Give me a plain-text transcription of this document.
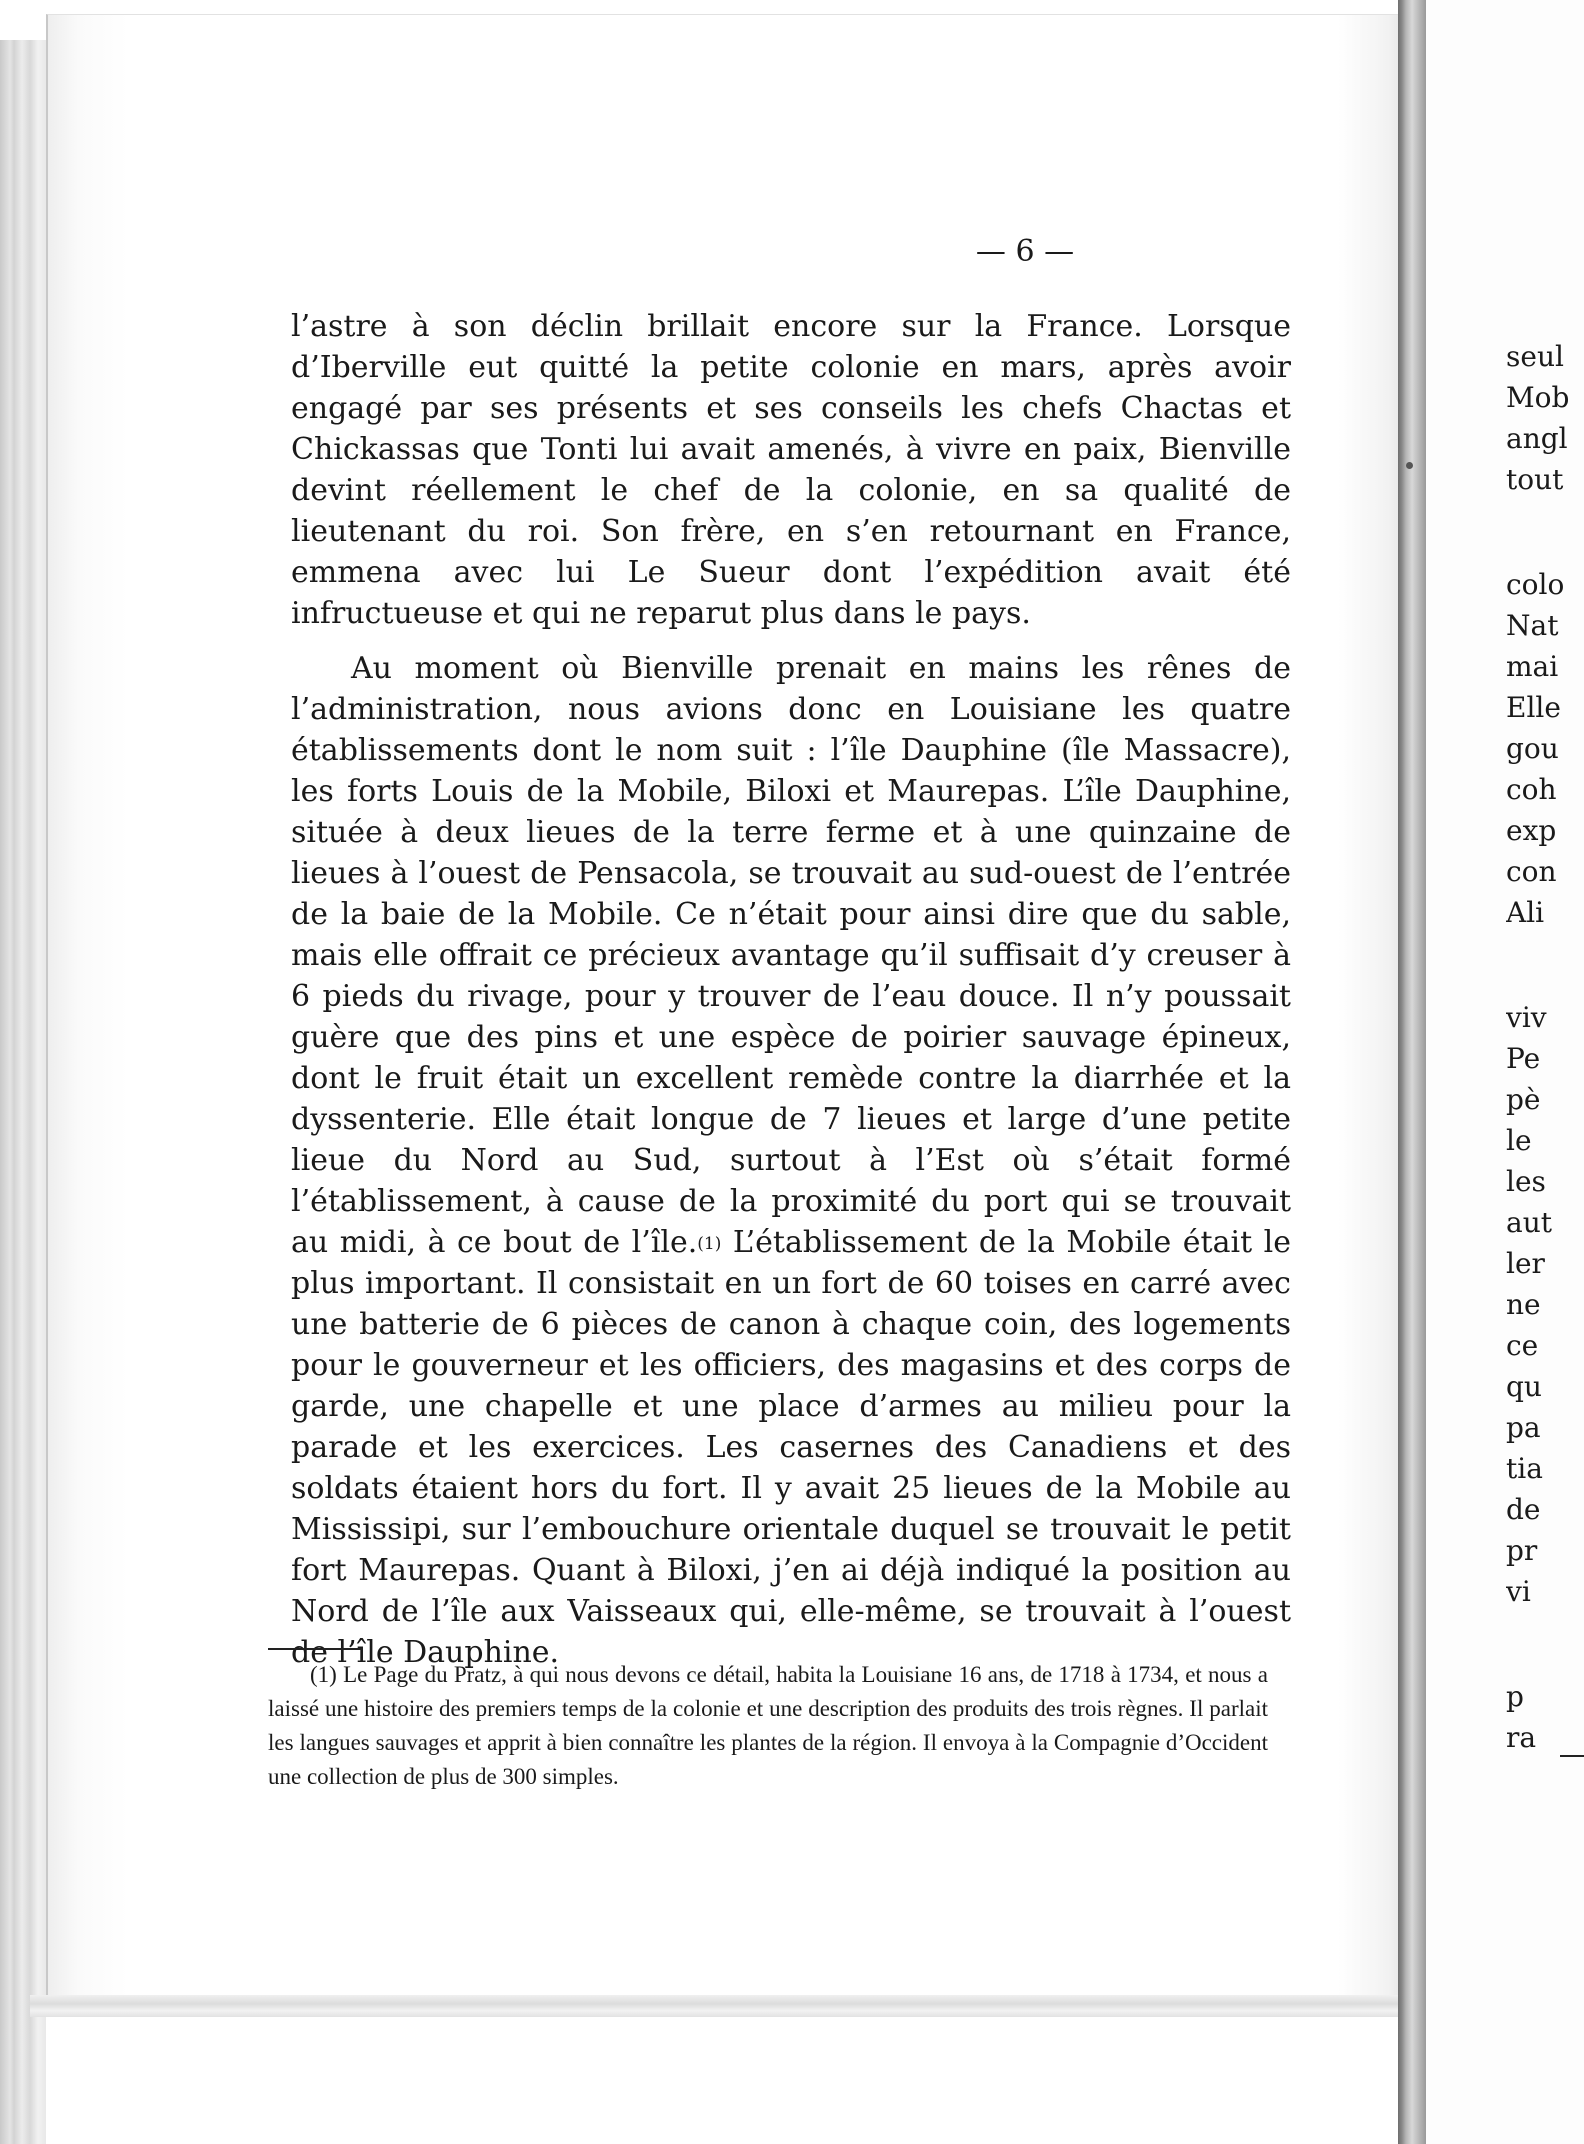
— 6 —

l’astre à son déclin brillait encore sur la France. Lorsque d’Iberville eut quitté la petite colonie en mars, après avoir engagé par ses présents et ses conseils les chefs Chactas et Chickassas que Tonti lui avait amenés, à vivre en paix, Bienville devint réellement le chef de la colonie, en sa qualité de lieutenant du roi. Son frère, en s’en retournant en France, emmena avec lui Le Sueur dont l’expédition avait été infructueuse et qui ne reparut plus dans le pays.

Au moment où Bienville prenait en mains les rênes de l’administration, nous avions donc en Louisiane les quatre établissements dont le nom suit : l’île Dauphine (île Massacre), les forts Louis de la Mobile, Biloxi et Maurepas. L’île Dauphine, située à deux lieues de la terre ferme et à une quinzaine de lieues à l’ouest de Pensacola, se trouvait au sud-ouest de l’entrée de la baie de la Mobile. Ce n’était pour ainsi dire que du sable, mais elle offrait ce précieux avantage qu’il suffisait d’y creuser à 6 pieds du rivage, pour y trouver de l’eau douce. Il n’y poussait guère que des pins et une espèce de poirier sauvage épineux, dont le fruit était un excellent remède contre la diarrhée et la dyssenterie. Elle était longue de 7 lieues et large d’une petite lieue du Nord au Sud, surtout à l’Est où s’était formé l’établissement, à cause de la proximité du port qui se trouvait au midi, à ce bout de l’île.$^{(1)}$ L’établissement de la Mobile était le plus important. Il consistait en un fort de 60 toises en carré avec une batterie de 6 pièces de canon à chaque coin, des logements pour le gouverneur et les officiers, des magasins et des corps de garde, une chapelle et une place d’armes au milieu pour la parade et les exercices. Les casernes des Canadiens et des soldats étaient hors du fort. Il y avait 25 lieues de la Mobile au Mississipi, sur l’embouchure orientale duquel se trouvait le petit fort Maurepas. Quant à Biloxi, j’en ai déjà indiqué la position au Nord de l’île aux Vaisseaux qui, elle-même, se trouvait à l’ouest de l’île Dauphine.

(1) Le Page du Pratz, à qui nous devons ce détail, habita la Louisiane 16 ans, de 1718 à 1734, et nous a laissé une histoire des premiers temps de la colonie et une description des produits des trois règnes. Il parlait les langues sauvages et apprit à bien connaître les plantes de la région. Il envoya à la Compagnie d’Occident une collection de plus de 300 simples.

seul
Mob
angl
tout
colo
Nat
mai
Elle
gou
coh
exp
con
Ali
viv
Pe
pè
le
les
aut
ler
ne
ce
qu
pa
tia
de
pr
vi
p
ra
